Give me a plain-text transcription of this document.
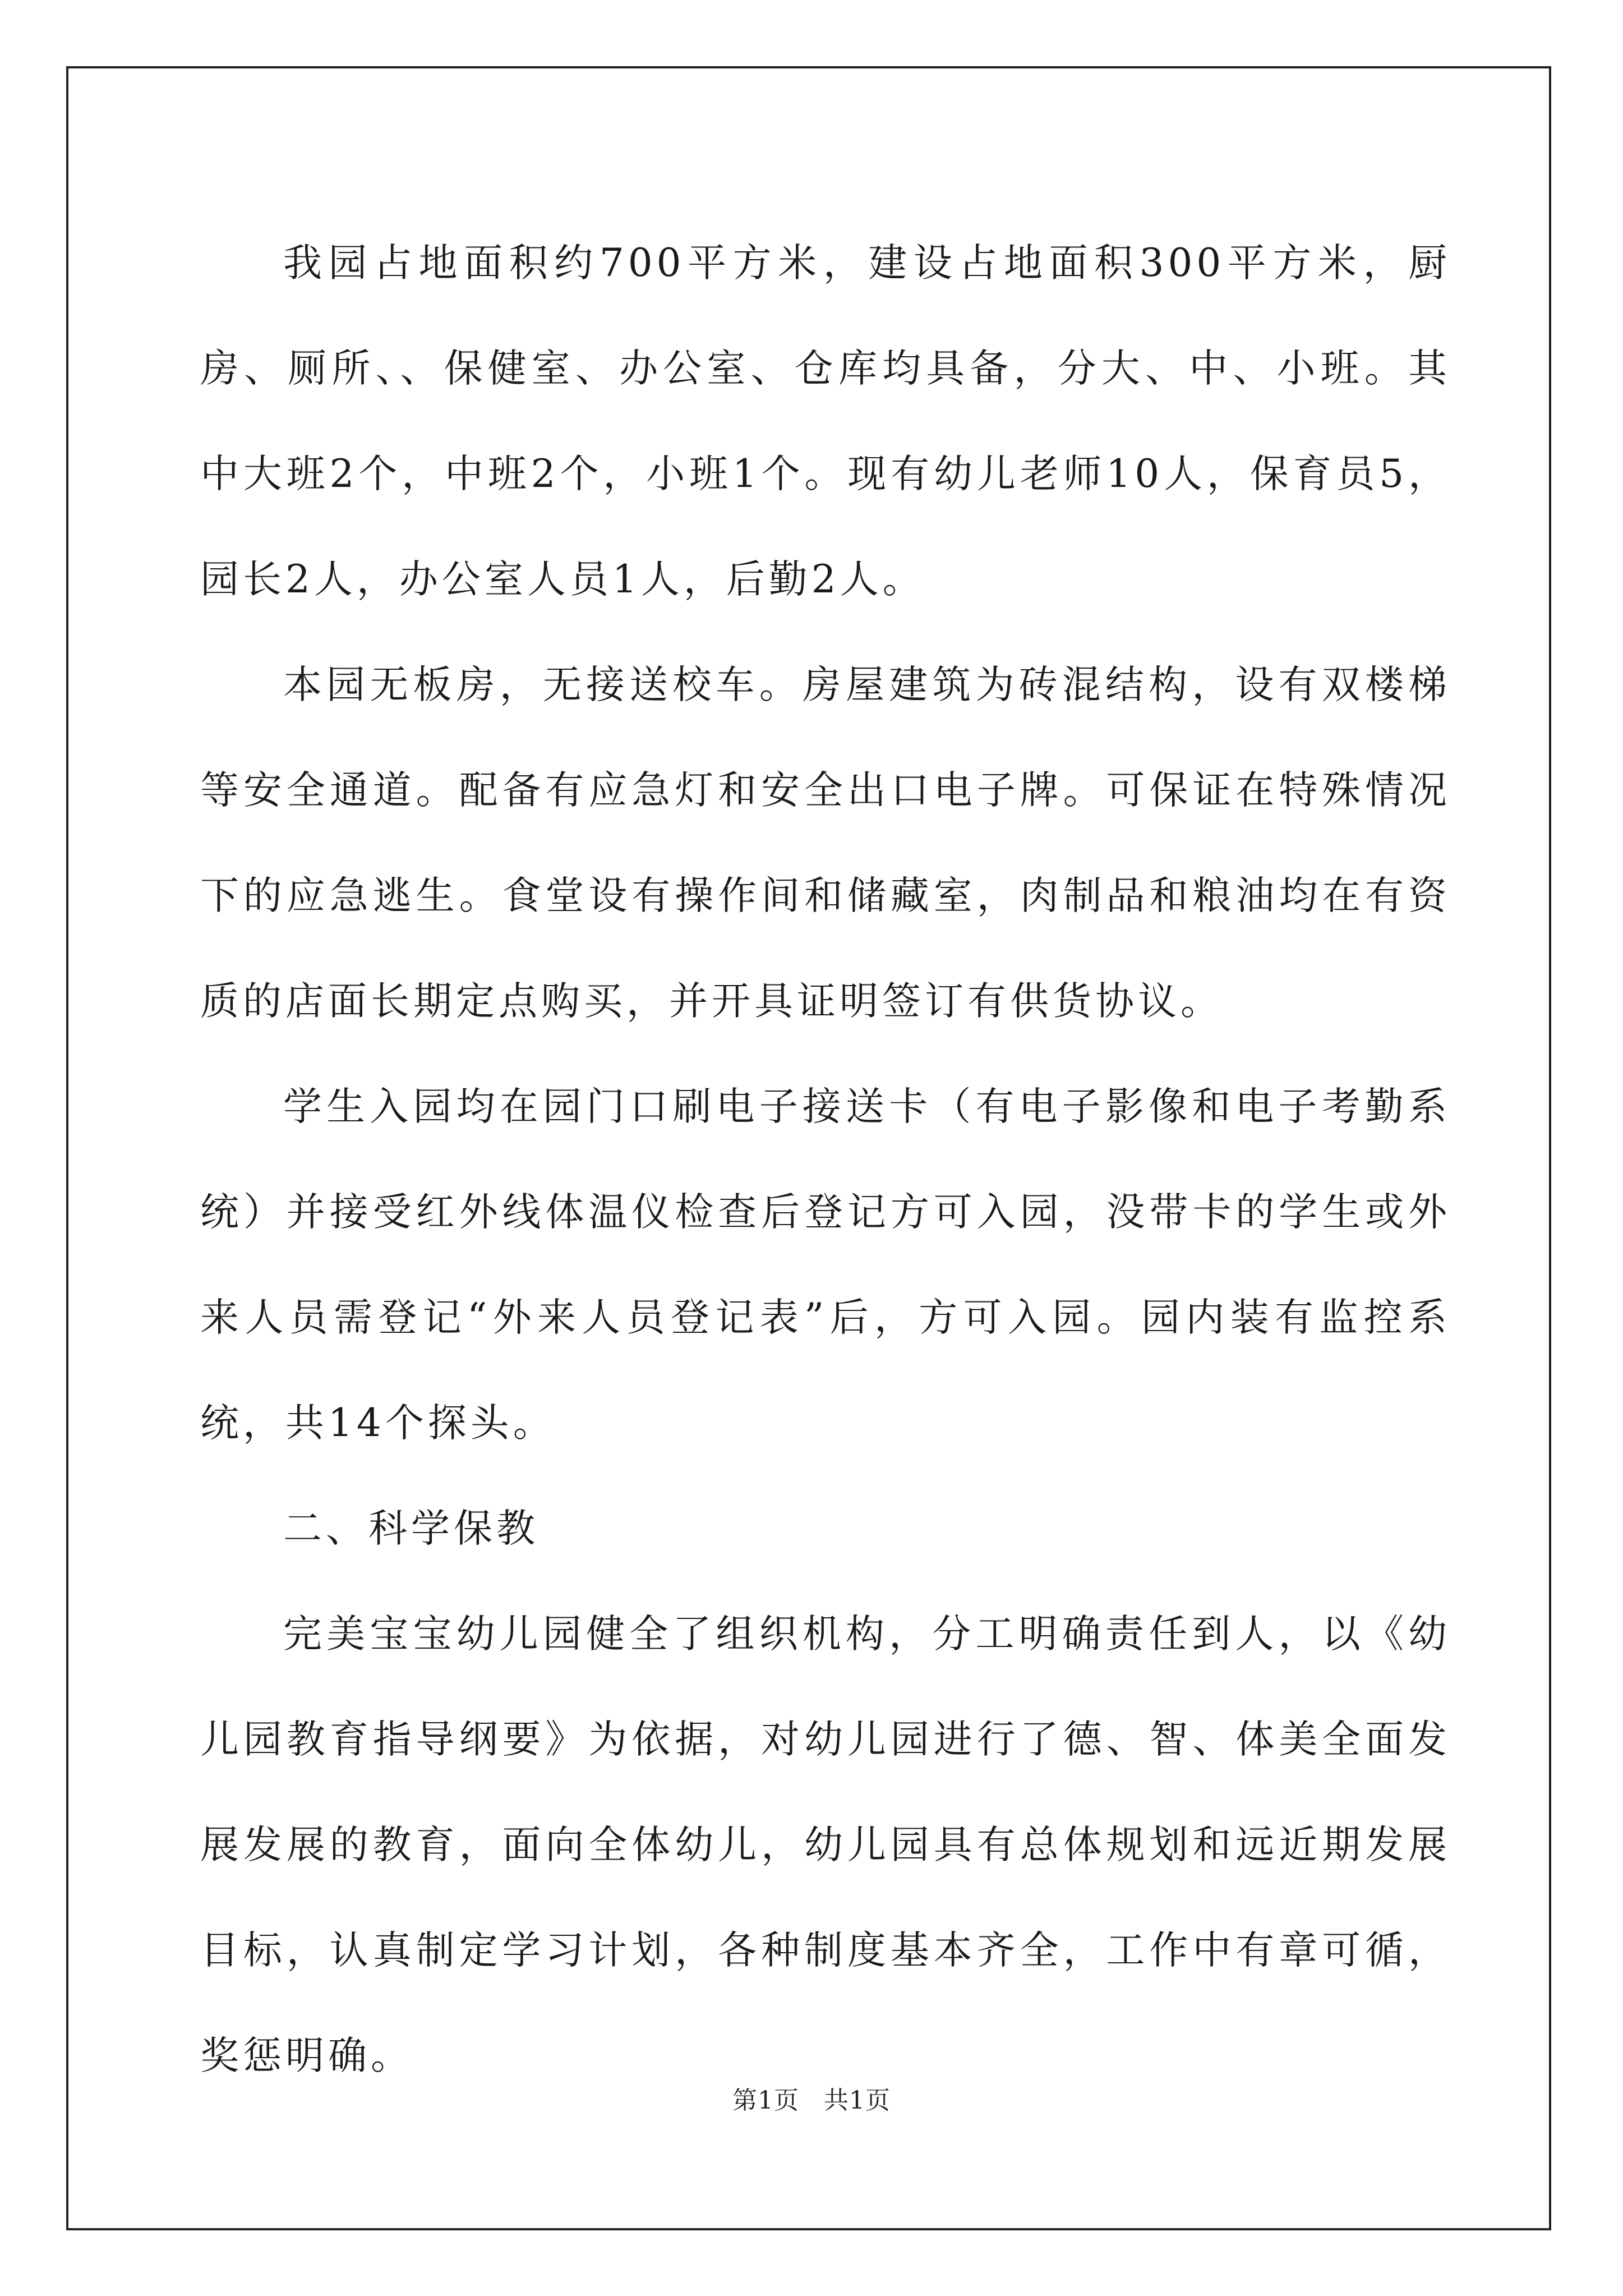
我园占地面积约700平方米，建设占地面积300平方米，厨房、厕所、、保健室、办公室、仓库均具备，分大、中、小班。其中大班2个，中班2个，小班1个。现有幼儿老师10人，保育员5，园长2人，办公室人员1人，后勤2人。

本园无板房，无接送校车。房屋建筑为砖混结构，设有双楼梯等安全通道。配备有应急灯和安全出口电子牌。可保证在特殊情况下的应急逃生。食堂设有操作间和储藏室，肉制品和粮油均在有资质的店面长期定点购买，并开具证明签订有供货协议。

学生入园均在园门口刷电子接送卡（有电子影像和电子考勤系统）并接受红外线体温仪检查后登记方可入园，没带卡的学生或外来人员需登记“外来人员登记表”后，方可入园。园内装有监控系统，共14个探头。

二、科学保教

完美宝宝幼儿园健全了组织机构，分工明确责任到人，以《幼儿园教育指导纲要》为依据，对幼儿园进行了德、智、体美全面发展发展的教育，面向全体幼儿，幼儿园具有总体规划和远近期发展目标，认真制定学习计划，各种制度基本齐全，工作中有章可循，奖惩明确。

第1页 共1页
